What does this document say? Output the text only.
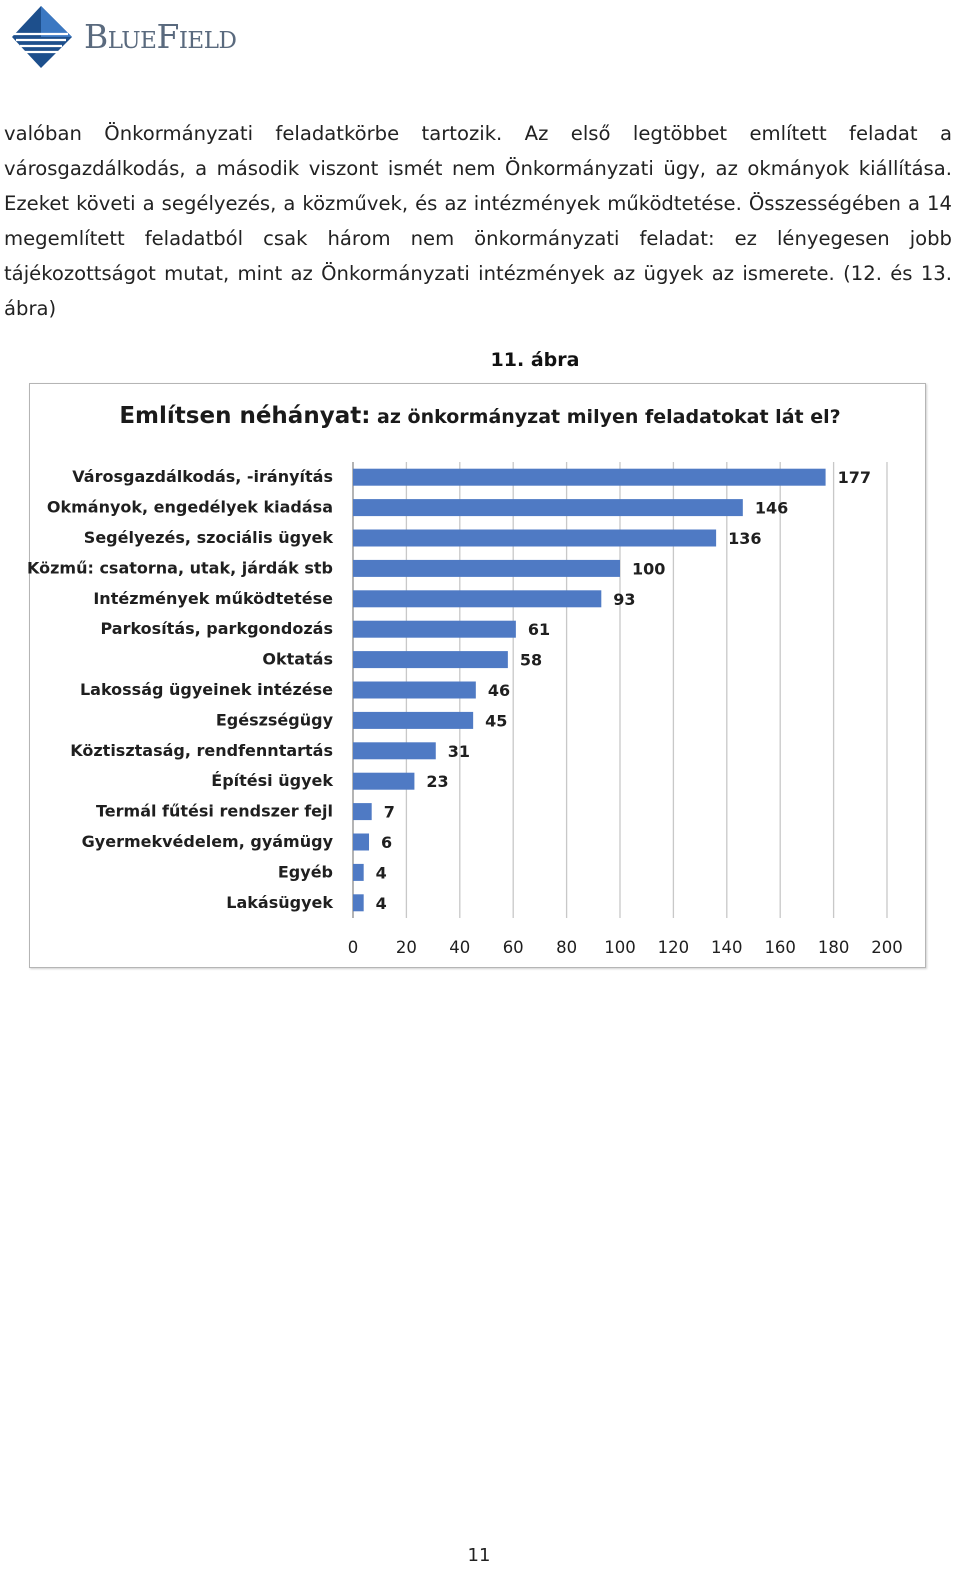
BlueField
valóban Önkormányzati feladatkörbe tartozik. Az első legtöbbet említett feladat a városgazdálkodás, a második viszont ismét nem Önkormányzati ügy, az okmányok kiállítása. Ezeket követi a segélyezés, a közművek, és az intézmények működtetése. Összességében a 14 megemlített feladatból csak három nem önkormányzati feladat: ez lényegesen jobb tájékozottságot mutat, mint az Önkormányzati intézmények az ügyek az ismerete. (12. és 13. ábra)
11. ábra
Említsen néhányat: az önkormányzat milyen feladatokat lát el?
177
Városgazdálkodás, -irányítás
146
Okmányok, engedélyek kiadása
136
Segélyezés, szociális ügyek
100
Közmű: csatorna, utak, járdák stb
93
Intézmények működtetése
61
Parkosítás, parkgondozás
58
Oktatás
46
Lakosság ügyeinek intézése
45
Egészségügy
31
Köztisztaság, rendfenntartás
23
Építési ügyek
7
Termál fűtési rendszer fejl
6
Gyermekvédelem, gyámügy
4
Egyéb
4
Lakásügyek
0 20 40 60 80 100 120 140 160 180 200
11
